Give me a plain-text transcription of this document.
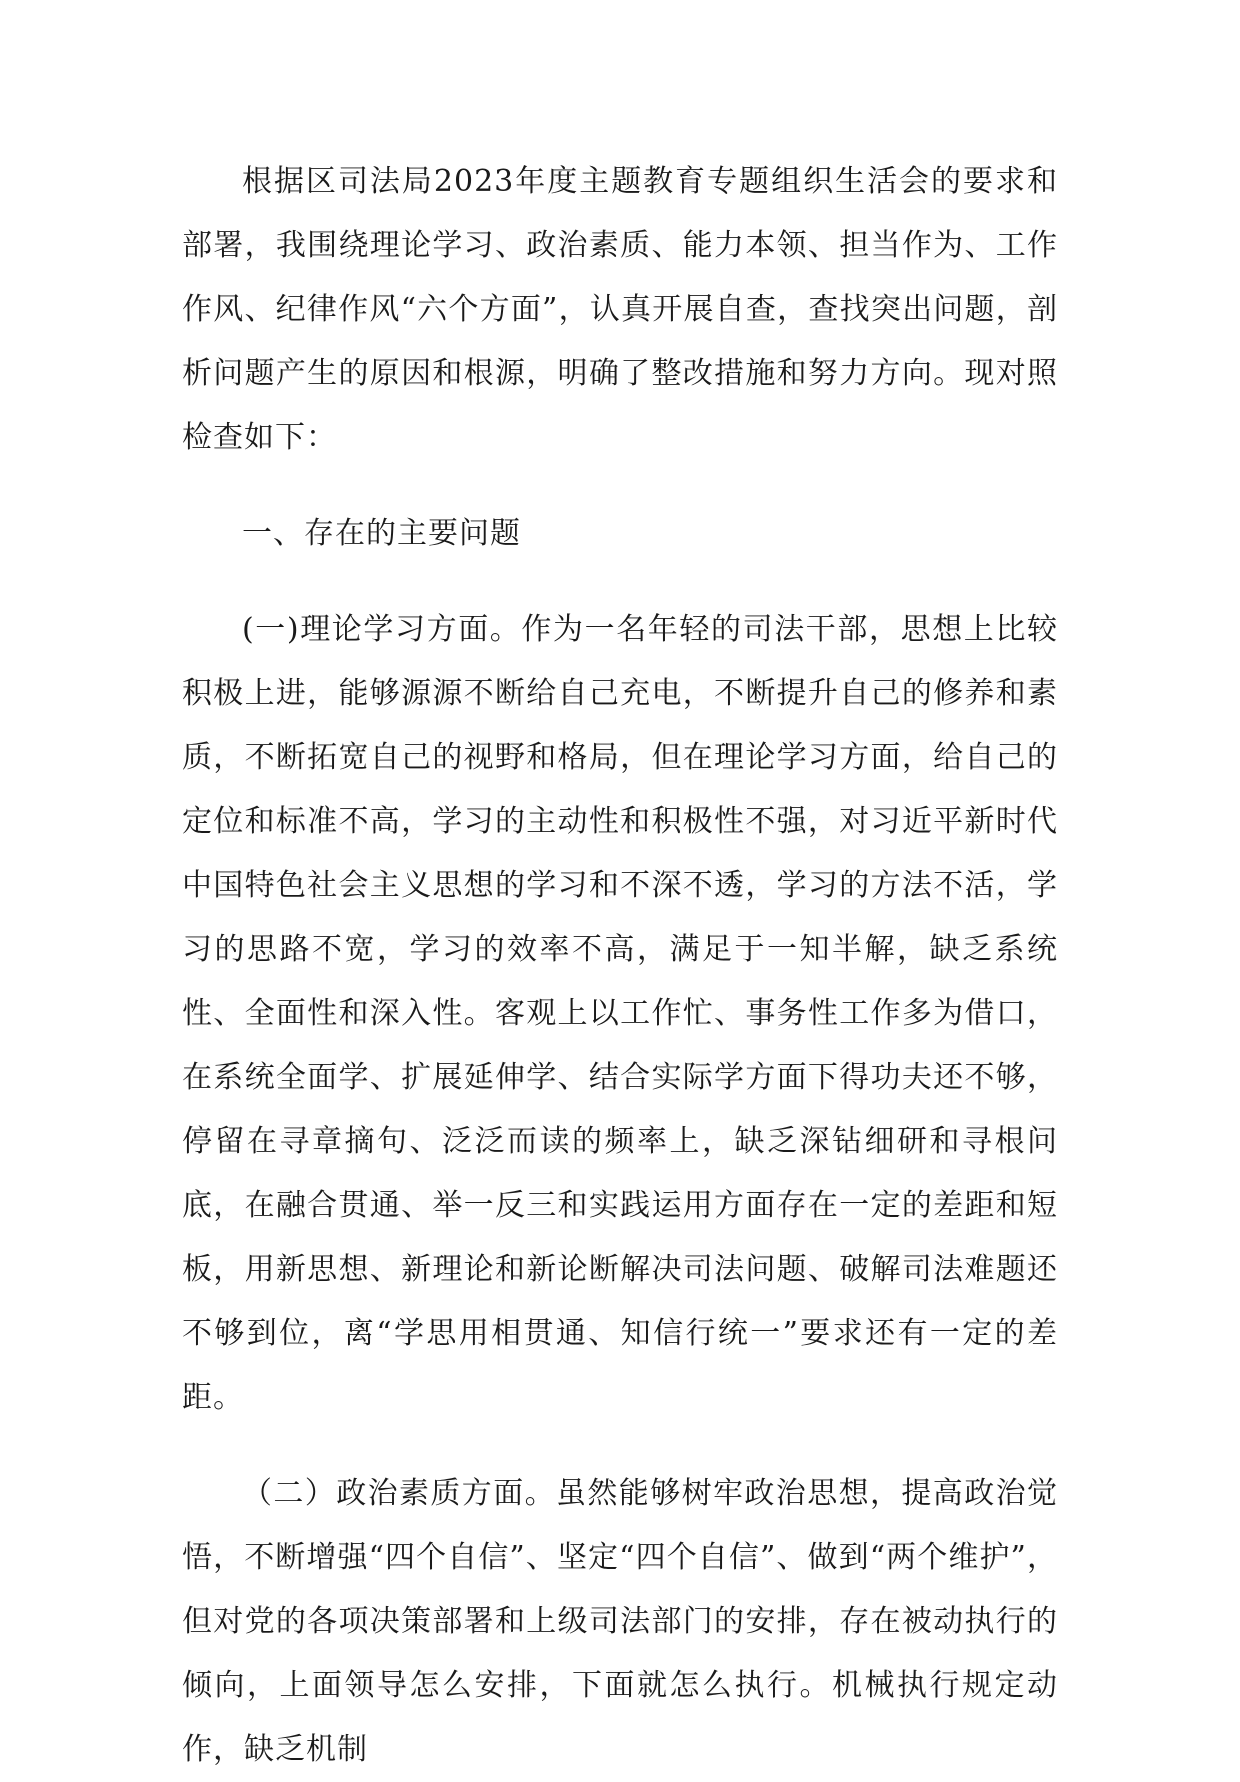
根据区司法局2023年度主题教育专题组织生活会的要求和部署，我围绕理论学习、政治素质、能力本领、担当作为、工作作风、纪律作风“六个方面”，认真开展自查，查找突出问题，剖析问题产生的原因和根源，明确了整改措施和努力方向。现对照检查如下：

一、存在的主要问题

(一)理论学习方面。作为一名年轻的司法干部，思想上比较积极上进，能够源源不断给自己充电，不断提升自己的修养和素质，不断拓宽自己的视野和格局，但在理论学习方面，给自己的定位和标准不高，学习的主动性和积极性不强，对习近平新时代中国特色社会主义思想的学习和不深不透，学习的方法不活，学习的思路不宽，学习的效率不高，满足于一知半解，缺乏系统性、全面性和深入性。客观上以工作忙、事务性工作多为借口，在系统全面学、扩展延伸学、结合实际学方面下得功夫还不够，停留在寻章摘句、泛泛而读的频率上，缺乏深钻细研和寻根问底，在融合贯通、举一反三和实践运用方面存在一定的差距和短板，用新思想、新理论和新论断解决司法问题、破解司法难题还不够到位，离“学思用相贯通、知信行统一”要求还有一定的差距。

（二）政治素质方面。虽然能够树牢政治思想，提高政治觉悟，不断增强“四个自信”、坚定“四个自信”、做到“两个维护”，但对党的各项决策部署和上级司法部门的安排，存在被动执行的倾向，上面领导怎么安排，下面就怎么执行。机械执行规定动作，缺乏机制
